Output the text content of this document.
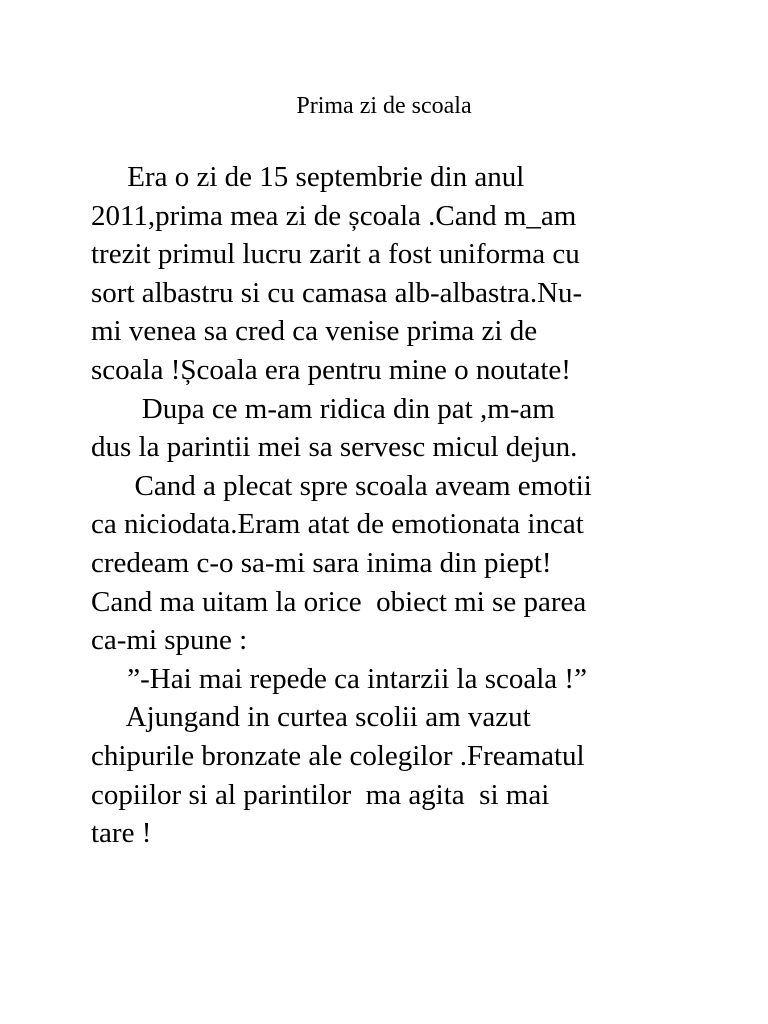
Prima zi de scoala
Era o zi de 15 septembrie din anul
2011,prima mea zi de școala .Cand m_am
trezit primul lucru zarit a fost uniforma cu
sort albastru si cu camasa alb-albastra.Nu-
mi venea sa cred ca venise prima zi de
scoala !Școala era pentru mine o noutate!
Dupa ce m-am ridica din pat ,m-am
dus la parintii mei sa servesc micul dejun.
Cand a plecat spre scoala aveam emotii
ca niciodata.Eram atat de emotionata incat
credeam c-o sa-mi sara inima din piept!
Cand ma uitam la orice  obiect mi se parea
ca-mi spune :
”-Hai mai repede ca intarzii la scoala !”
Ajungand in curtea scolii am vazut
chipurile bronzate ale colegilor .Freamatul
copiilor si al parintilor  ma agita  si mai
tare !
